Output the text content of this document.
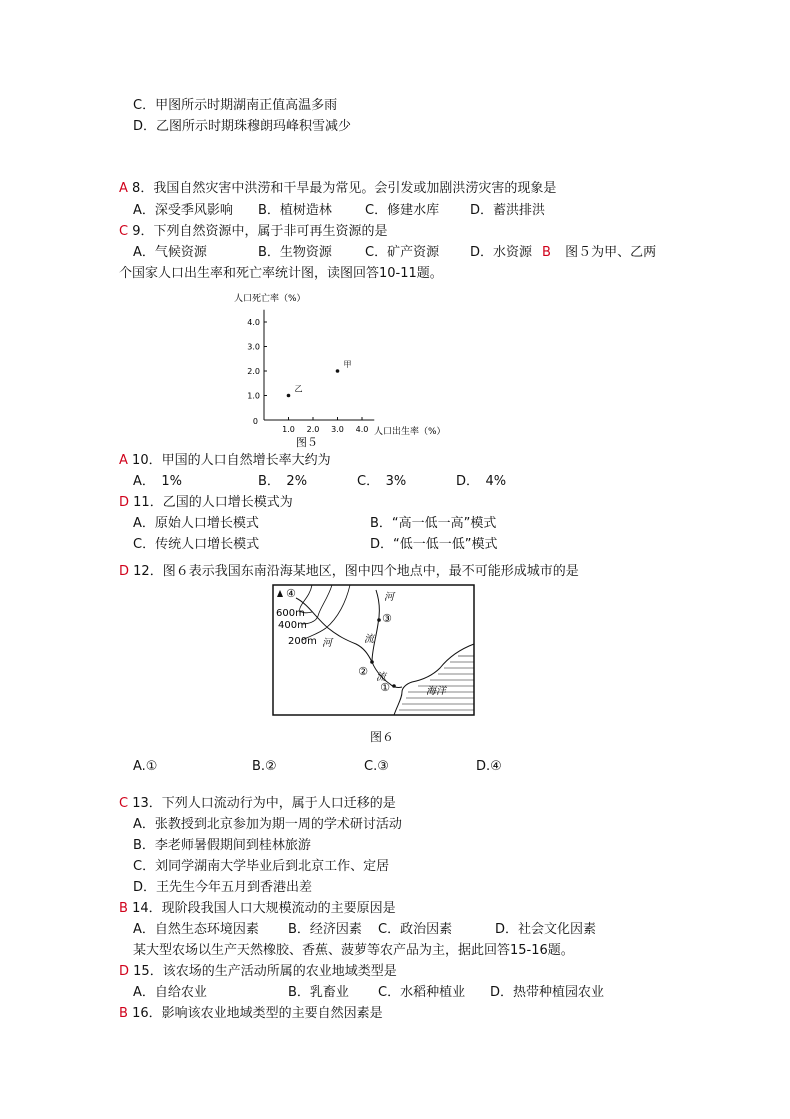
C．甲图所示时期湖南正值高温多雨
D．乙图所示时期珠穆朗玛峰积雪减少
A 8．我国自然灾害中洪涝和干旱最为常见。会引发或加剧洪涝灾害的现象是
A．深受季风影响 B．植树造林	C．修建水库 D．蓄洪排洪
C 9．下列自然资源中，属于非可再生资源的是
A．气候资源	B．生物资源	C．矿产资源 D．水资源 B 图５为甲、乙两
个国家人口出生率和死亡率统计图，读图回答10-11题。
人口死亡率（%）
人口出生率（%）
0
4.0
3.0
2.0
1.0
1.0 2.0 3.0 4.0
甲
乙
图５
A 10．甲国的人口自然增长率大约为
A．　1%	B．　2%	C．　3%	D．　4%
D 11．乙国的人口增长模式为
A．原始人口增长模式	B．“高一低一高”模式
C．传统人口增长模式	D．“低一低一低”模式
D 12．图６表示我国东南沿海某地区，图中四个地点中，最不可能形成城市的是
600m
400m
200m
河
流
河
流
海洋
①
②
③
④
图６
A.①	B.②	C.③	D.④
C 13．下列人口流动行为中，属于人口迁移的是
A．张教授到北京参加为期一周的学术研讨活动
B．李老师暑假期间到桂林旅游
C．刘同学湖南大学毕业后到北京工作、定居
D．王先生今年五月到香港出差
B 14．现阶段我国人口大规模流动的主要原因是
A．自然生态环境因素 B．经济因素 C．政治因素	D．社会文化因素
某大型农场以生产天然橡胶、香蕉、菠萝等农产品为主，据此回答15-16题。
D 15．该农场的生产活动所属的农业地域类型是
A．自给农业	B．乳畜业 C．水稻种植业 D．热带种植园农业
B 16．影响该农业地域类型的主要自然因素是
